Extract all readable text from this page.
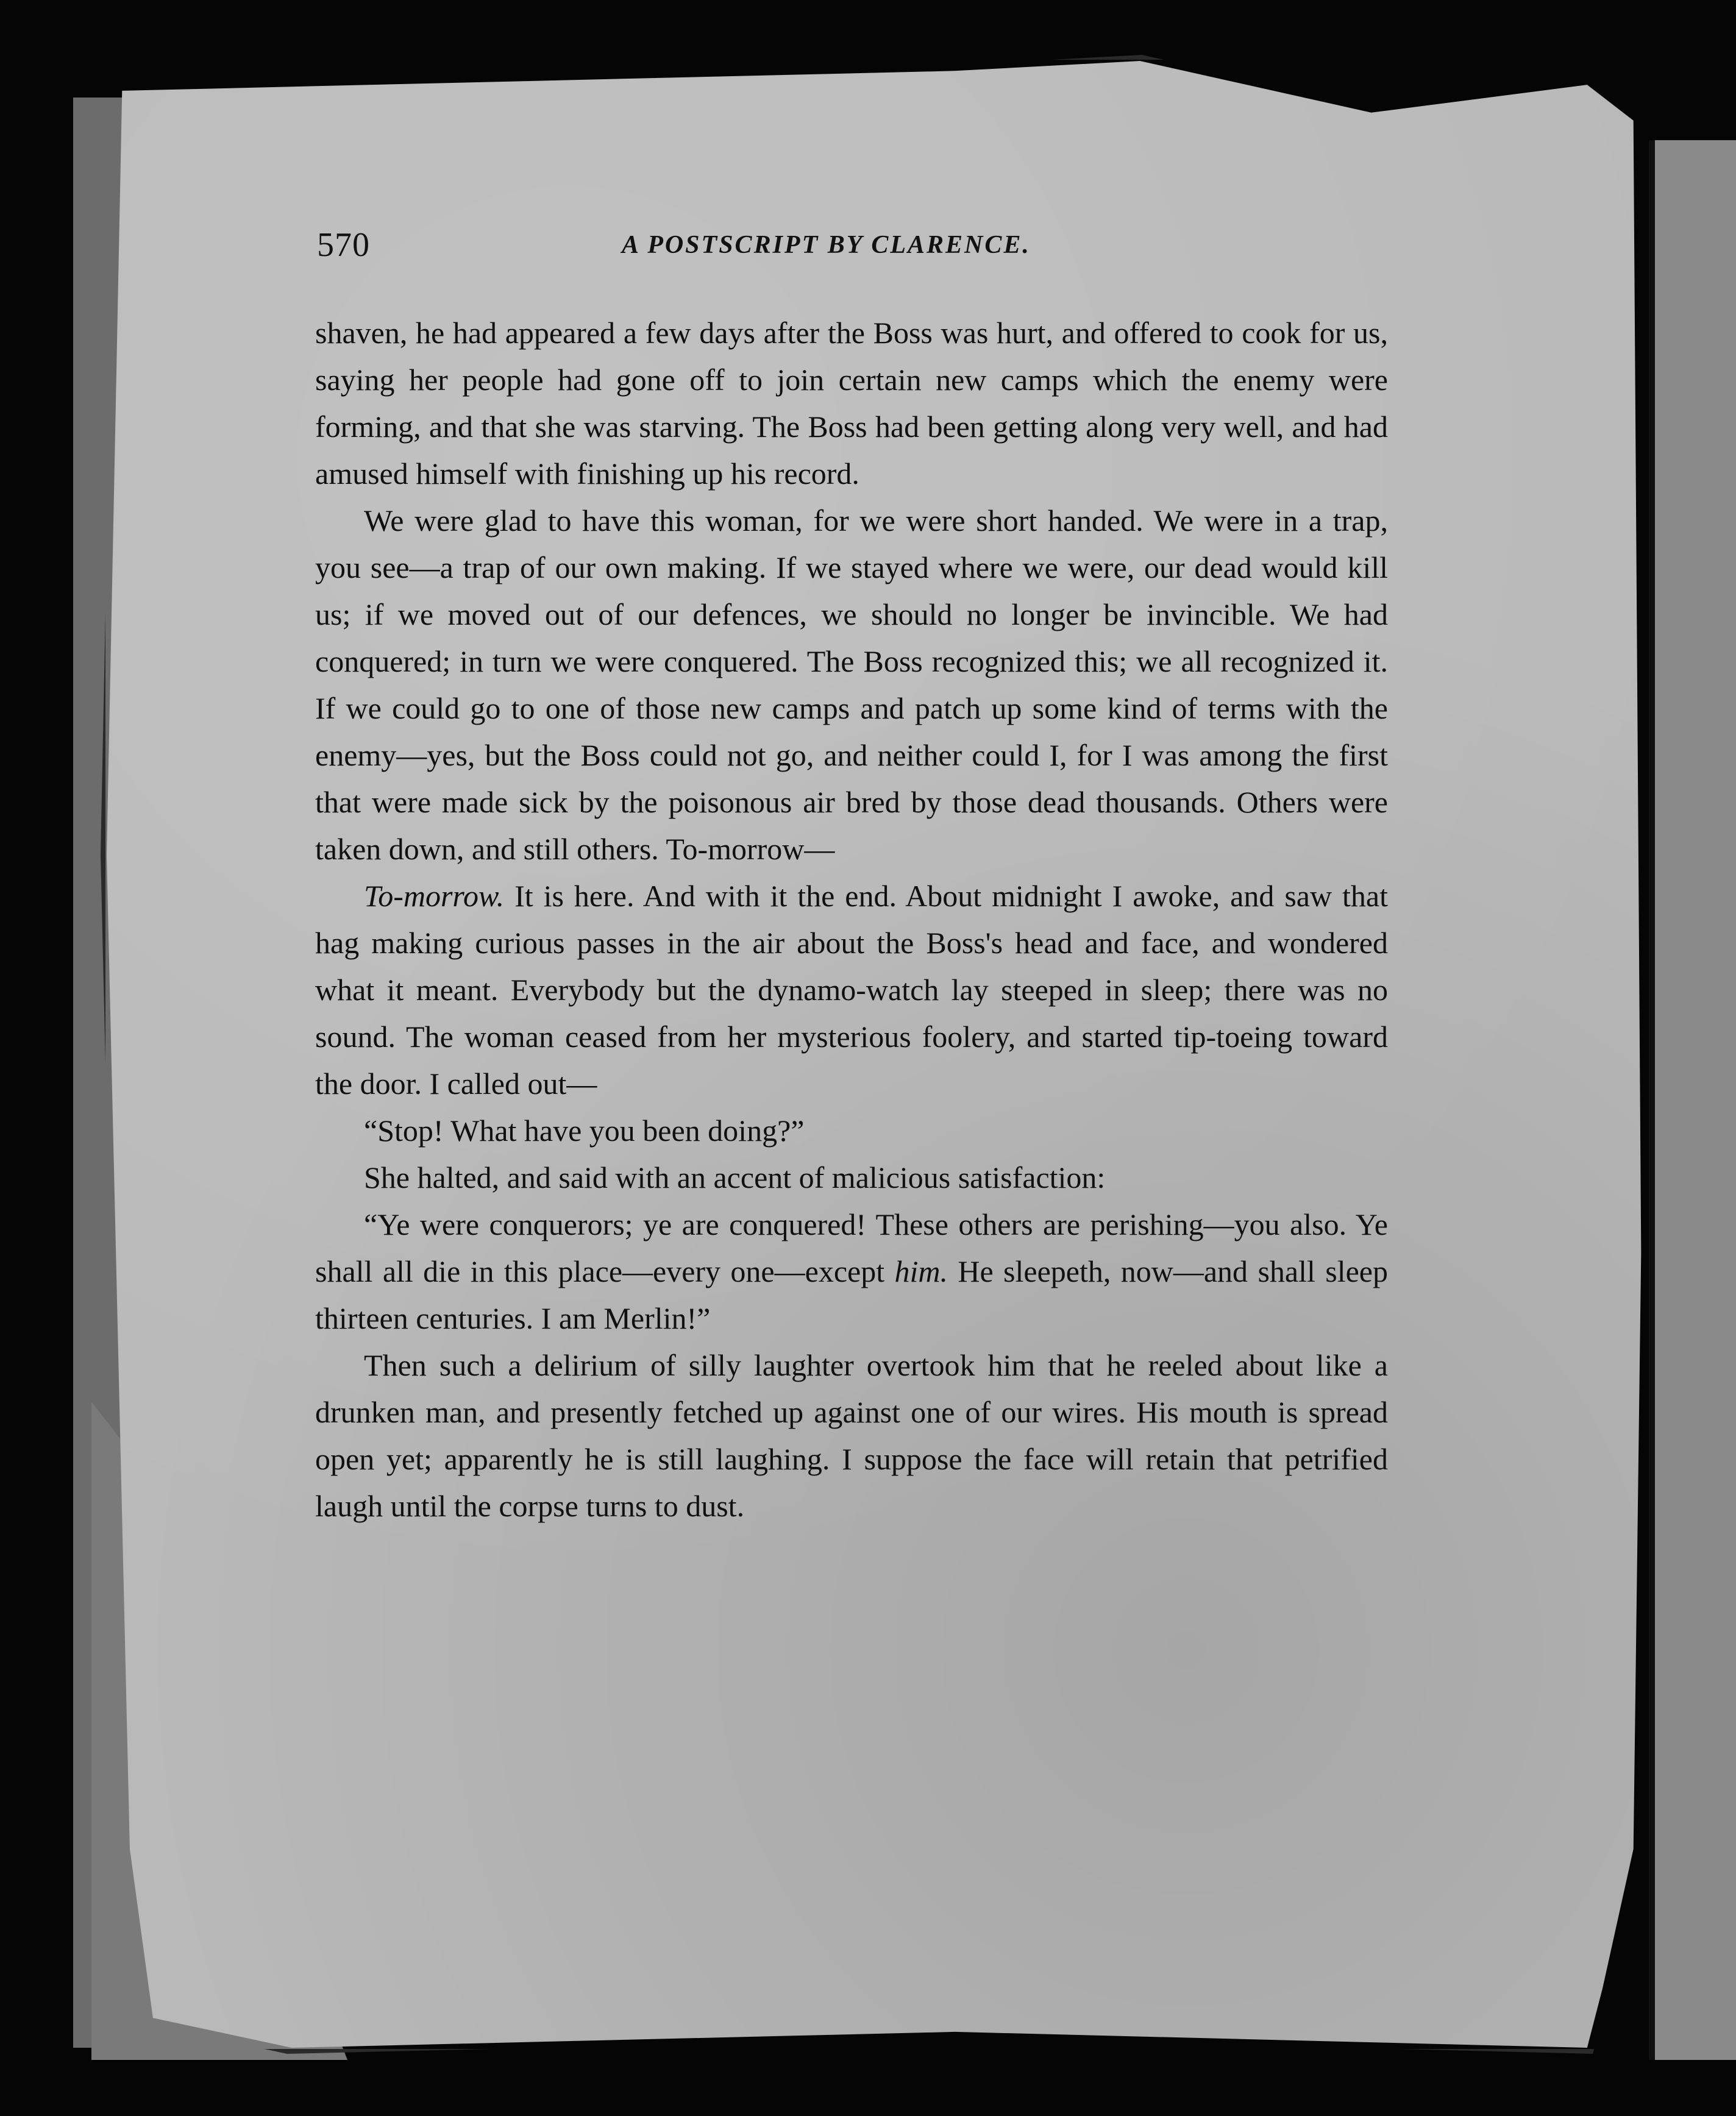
570	A POSTSCRIPT BY CLARENCE.

shaven, he had appeared a few days after the Boss was hurt, and offered to cook for us, saying her people had gone off to join certain new camps which the enemy were forming, and that she was starving. The Boss had been getting along very well, and had amused himself with finishing up his record.

We were glad to have this woman, for we were short handed. We were in a trap, you see—a trap of our own making. If we stayed where we were, our dead would kill us; if we moved out of our defences, we should no longer be invincible. We had conquered; in turn we were conquered. The Boss recognized this; we all recognized it. If we could go to one of those new camps and patch up some kind of terms with the enemy—yes, but the Boss could not go, and neither could I, for I was among the first that were made sick by the poisonous air bred by those dead thousands. Others were taken down, and still others. To-morrow—

To-morrow. It is here. And with it the end. About midnight I awoke, and saw that hag making curious passes in the air about the Boss's head and face, and wondered what it meant. Everybody but the dynamo-watch lay steeped in sleep; there was no sound. The woman ceased from her mysterious foolery, and started tip-toeing toward the door. I called out—

“Stop! What have you been doing?”

She halted, and said with an accent of malicious satisfaction:

“Ye were conquerors; ye are conquered! These others are perishing—you also. Ye shall all die in this place—every one—except him. He sleepeth, now—and shall sleep thirteen centuries. I am Merlin!”

Then such a delirium of silly laughter overtook him that he reeled about like a drunken man, and presently fetched up against one of our wires. His mouth is spread open yet; apparently he is still laughing. I suppose the face will retain that petrified laugh until the corpse turns to dust.
